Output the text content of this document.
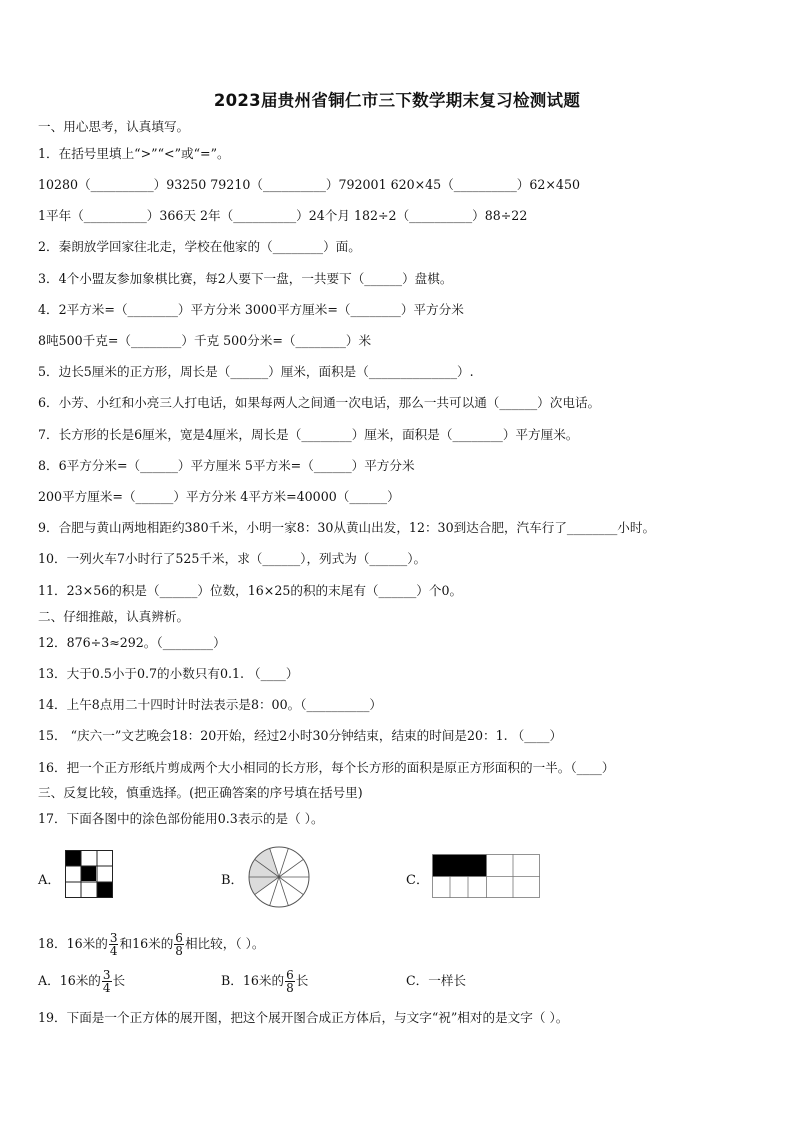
2023届贵州省铜仁市三下数学期末复习检测试题
一、用心思考，认真填写。
1．在括号里填上“>”“<”或“=”。
10280（__________）93250 79210（__________）792001 620×45（__________）62×450
1平年（__________）366天 2年（__________）24个月 182÷2（__________）88÷22
2．秦朗放学回家往北走，学校在他家的（________）面。
3．4个小盟友参加象棋比赛，每2人要下一盘，一共要下（______）盘棋。
4．2平方米=（________）平方分米 3000平方厘米=（________）平方分米
8吨500千克=（________）千克 500分米=（________）米
5．边长5厘米的正方形，周长是（______）厘米，面积是（______________）.
6．小芳、小红和小亮三人打电话，如果每两人之间通一次电话，那么一共可以通（______）次电话。
7．长方形的长是6厘米，宽是4厘米，周长是（________）厘米，面积是（________）平方厘米。
8．6平方分米=（______）平方厘米 5平方米=（______）平方分米
200平方厘米=（______）平方分米 4平方米=40000（______）
9．合肥与黄山两地相距约380千米，小明一家8：30从黄山出发，12：30到达合肥，汽车行了________小时。
10．一列火车7小时行了525千米，求（______），列式为（______）。
11．23×56的积是（______）位数，16×25的积的末尾有（______）个0。
二、仔细推敲，认真辨析。
12．876÷3≈292。（________）
13．大于0.5小于0.7的小数只有0.1. （____）
14．上午8点用二十四时计时法表示是8：00。（__________）
15． “庆六一”文艺晚会18：20开始，经过2小时30分钟结束，结束的时间是20：1. （____）
16．把一个正方形纸片剪成两个大小相同的长方形，每个长方形的面积是原正方形面积的一半。（____）
三、反复比较，慎重选择。(把正确答案的序号填在括号里)
17．下面各图中的涂色部份能用0.3表示的是（ ）。
A．	B．	C．
18．16米的 $\frac{3}{4}$ 和16米的 $\frac{6}{8}$ 相比较，（ ）。
A．16米的 $\frac{3}{4}$ 长	B．16米的 $\frac{6}{8}$ 长	C．一样长
19．下面是一个正方体的展开图，把这个展开图合成正方体后，与文字“祝”相对的是文字（ ）。
